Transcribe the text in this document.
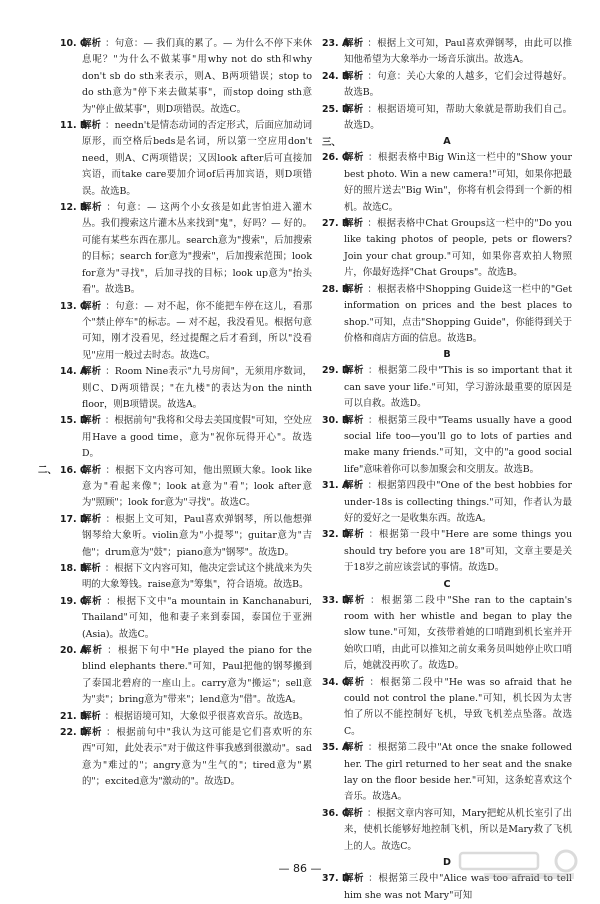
10. C
解析 ：句意：— 我们真的累了。— 为什么不停下来休息呢？"为什么不做某事"用why not do sth和why don't sb do sth来表示，则A、B两项错误；stop to do sth意为"停下来去做某事"，而stop doing sth意为"停止做某事"，则D项错误。故选C。
11. B
解析 ：needn't是情态动词的否定形式，后面应加动词原形，而空格后beds是名词，所以第一空应用don't need，则A、C两项错误；又因look after后可直接加宾语，而take care要加介词of后再加宾语，则D项错误。故选B。
12. B
解析 ：句意：— 这两个小女孩是如此害怕进入灌木丛。我们搜索这片灌木丛来找到"鬼"，好吗？— 好的。可能有某些东西在那儿。search意为"搜索"，后加搜索的目标；search for意为"搜索"，后加搜索范围；look for意为"寻找"，后加寻找的目标；look up意为"抬头看"。故选B。
13. C
解析 ：句意：— 对不起，你不能把车停在这儿，看那个"禁止停车"的标志。— 对不起，我没看见。根据句意可知，刚才没看见，经过提醒之后才看到，所以"没看见"应用一般过去时态。故选C。
14. A
解析 ：Room Nine表示"九号房间"，无须用序数词，则C、D两项错误；"在九楼"的表达为on the ninth floor，则B项错误。故选A。
15. D
解析 ：根据前句"我将和父母去美国度假"可知，空处应用Have a good time，意为"祝你玩得开心"。故选D。
二、 16. C
解析 ：根据下文内容可知，他出照顾大象。look like意为"看起来像"；look at意为"看"；look after意为"照顾"；look for意为"寻找"。故选C。
17. D
解析 ：根据上文可知，Paul喜欢弹钢琴，所以他想弹钢琴给大象听。violin意为"小提琴"；guitar意为"吉他"；drum意为"鼓"；piano意为"钢琴"。故选D。
18. B
解析 ：根据下文内容可知，他决定尝试这个挑战来为失明的大象筹钱。raise意为"筹集"，符合语境。故选B。
19. C
解析 ：根据下文中"a mountain in Kanchanaburi, Thailand"可知，他和妻子来到泰国，泰国位于亚洲(Asia)。故选C。
20. A
解析 ：根据下句中"He played the piano for the blind elephants there."可知，Paul把他的钢琴搬到了泰国北碧府的一座山上。carry意为"搬运"；sell意为"卖"；bring意为"带来"；lend意为"借"。故选A。
21. B
解析 ：根据语境可知，大象似乎很喜欢音乐。故选B。
22. D
解析 ：根据前句中"我认为这可能是它们喜欢听的东西"可知，此处表示"对于做这件事我感到很激动"。sad意为"难过的"；angry意为"生气的"；tired意为"累的"；excited意为"激动的"。故选D。
23. A
解析 ：根据上文可知，Paul喜欢弹钢琴，由此可以推知他希望为大象举办一场音乐演出。故选A。
24. B
解析 ：句意：关心大象的人越多，它们会过得越好。故选B。
25. D
解析 ：根据语境可知，帮助大象就是帮助我们自己。故选D。
三、	A
26. C
解析 ：根据表格中Big Win这一栏中的"Show your best photo. Win a new camera!"可知，如果你把最好的照片送去"Big Win"，你将有机会得到一个新的相机。故选C。
27. B
解析 ：根据表格中Chat Groups这一栏中的"Do you like taking photos of people, pets or flowers? Join your chat group."可知，如果你喜欢拍人物照片，你最好选择"Chat Groups"。故选B。
28. B
解析 ：根据表格中Shopping Guide这一栏中的"Get information on prices and the best places to shop."可知，点击"Shopping Guide"，你能得到关于价格和商店方面的信息。故选B。
B
29. D
解析 ：根据第二段中"This is so important that it can save your life."可知，学习游泳最重要的原因是可以自救。故选D。
30. B
解析 ：根据第三段中"Teams usually have a good social life too—you'll go to lots of parties and make many friends."可知，文中的"a good social life"意味着你可以参加聚会和交朋友。故选B。
31. A
解析 ：根据第四段中"One of the best hobbies for under-18s is collecting things."可知，作者认为最好的爱好之一是收集东西。故选A。
32. D
解析 ：根据第一段中"Here are some things you should try before you are 18"可知，文章主要是关于18岁之前应该尝试的事情。故选D。
C
33. D
解析 ：根据第二段中"She ran to the captain's room with her whistle and began to play the slow tune."可知，女孩带着她的口哨跑到机长室并开始吹口哨，由此可以推知之前女乘务员叫她停止吹口哨后，她就没再吹了。故选D。
34. C
解析 ：根据第二段中"He was so afraid that he could not control the plane."可知，机长因为太害怕了所以不能控制好飞机，导致飞机差点坠落。故选C。
35. A
解析 ：根据第二段中"At once the snake followed her. The girl returned to her seat and the snake lay on the floor beside her."可知，这条蛇喜欢这个音乐。故选A。
36. C
解析 ：根据文章内容可知，Mary把蛇从机长室引了出来，使机长能够好地控制飞机，所以是Mary救了飞机上的人。故选C。
D
37. D
解析 ：根据第三段中"Alice was too afraid to tell him she was not Mary"可知
— 86 —
